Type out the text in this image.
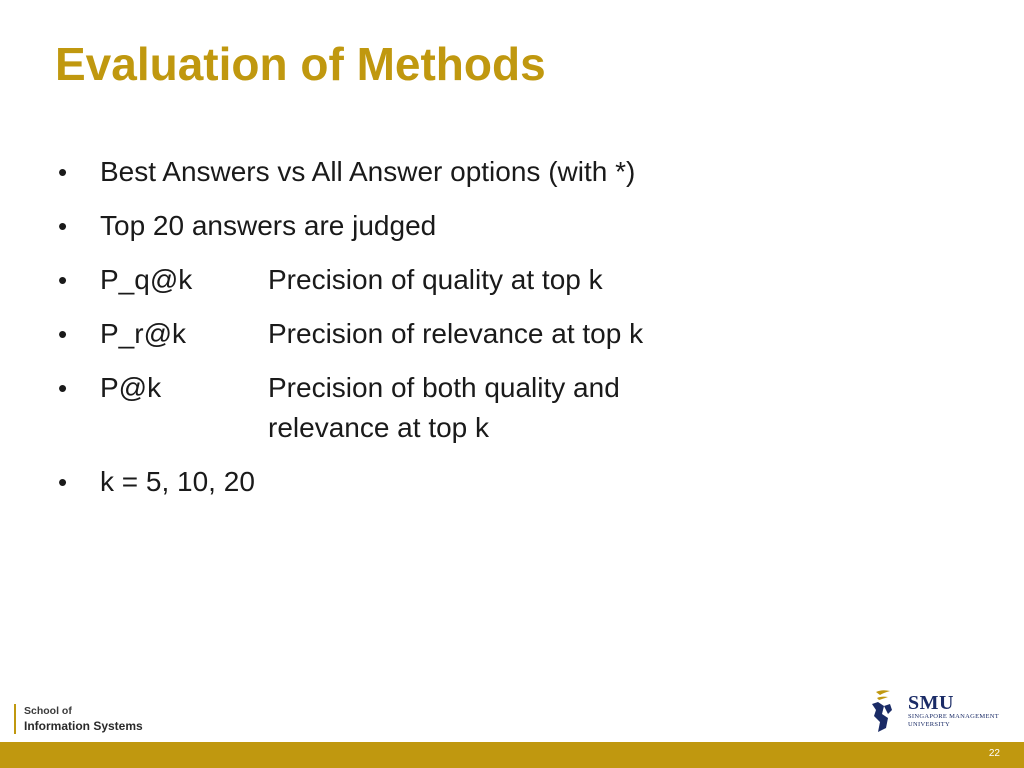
Evaluation of Methods
•	Best Answers vs All Answer options (with *)
•	Top 20 answers are judged
•	P_q@k	Precision of quality at top k
•	P_r@k	Precision of relevance at top k
•	P@k	Precision of both quality and relevance at top k
•	k = 5, 10, 20
School of
Information Systems
SMU
SINGAPORE MANAGEMENT
UNIVERSITY
22
